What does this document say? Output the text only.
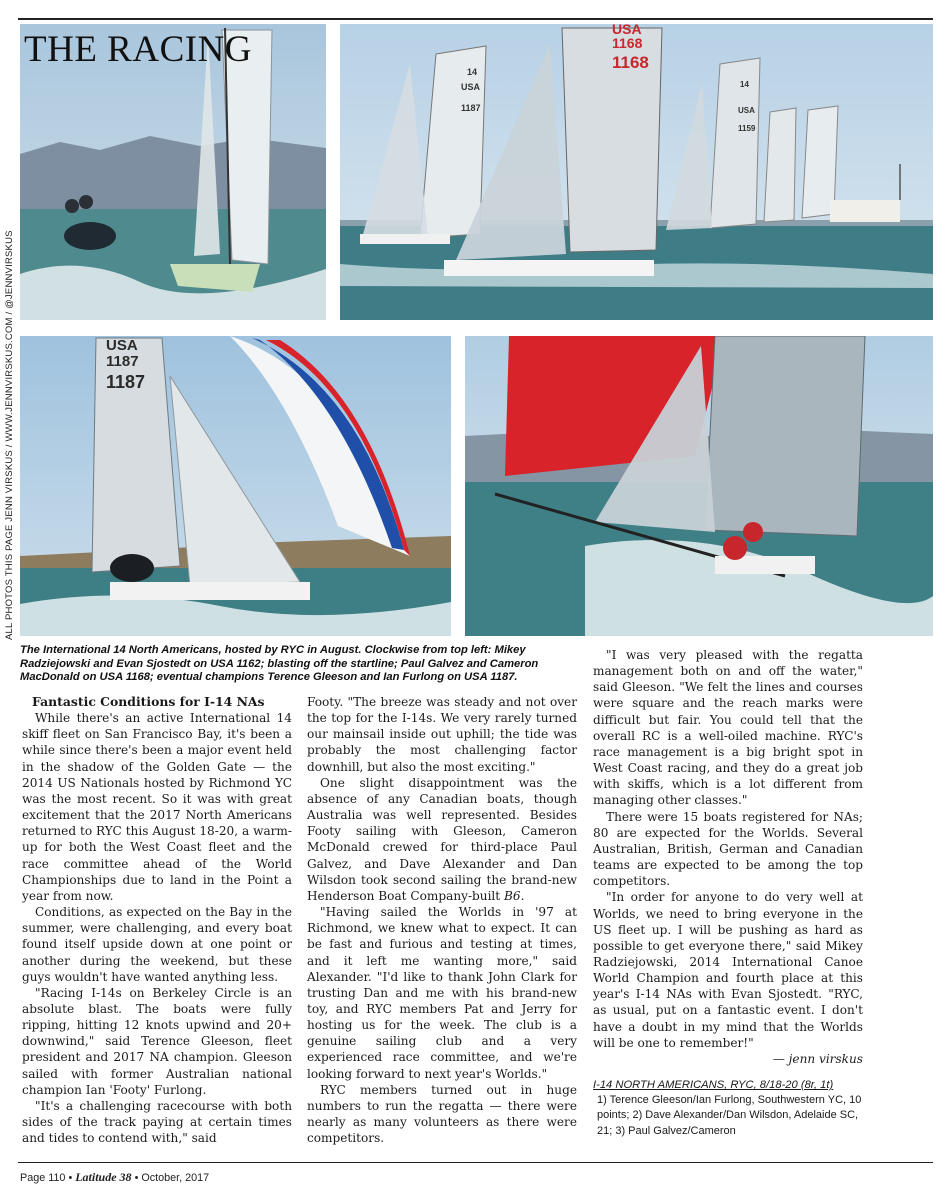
THE RACING	USA
1168
1168
14
USA
1187
14
USA
1159
USA
1187
1187
ALL PHOTOS THIS PAGE JENN VIRSKUS / WWW.JENNVIRSKUS.COM / @JENNVIRSKUS
The International 14 North Americans, hosted by RYC in August. Clockwise from top left: Mikey Radziejowski and Evan Sjostedt on USA 1162; blasting off the startline; Paul Galvez and Cameron MacDonald on USA 1168; eventual champions Terence Gleeson and Ian Furlong on USA 1187.

Fantastic Conditions for I-14 NAs

While there's an active International 14 skiff fleet on San Francisco Bay, it's been a while since there's been a major event held in the shadow of the Golden Gate — the 2014 US Nationals hosted by Richmond YC was the most recent. So it was with great excitement that the 2017 North Americans returned to RYC this August 18-20, a warm-up for both the West Coast fleet and the race committee ahead of the World Championships due to land in the Point a year from now.

Conditions, as expected on the Bay in the summer, were challenging, and every boat found itself upside down at one point or another during the weekend, but these guys wouldn't have wanted anything less.

"Racing I-14s on Berkeley Circle is an absolute blast. The boats were fully ripping, hitting 12 knots upwind and 20+ downwind," said Terence Gleeson, fleet president and 2017 NA champion. Gleeson sailed with former Australian national champion Ian 'Footy' Furlong.

"It's a challenging racecourse with both sides of the track paying at certain times and tides to contend with," said

Footy. "The breeze was steady and not over the top for the I-14s. We very rarely turned our mainsail inside out uphill; the tide was probably the most challenging factor downhill, but also the most exciting."

One slight disappointment was the absence of any Canadian boats, though Australia was well represented. Besides Footy sailing with Gleeson, Cameron McDonald crewed for third-place Paul Galvez, and Dave Alexander and Dan Wilsdon took second sailing the brand-new Henderson Boat Company-built B6.

"Having sailed the Worlds in '97 at Richmond, we knew what to expect. It can be fast and furious and testing at times, and it left me wanting more," said Alexander. "I'd like to thank John Clark for trusting Dan and me with his brand-new toy, and RYC members Pat and Jerry for hosting us for the week. The club is a genuine sailing club and a very experienced race committee, and we're looking forward to next year's Worlds."

RYC members turned out in huge numbers to run the regatta — there were nearly as many volunteers as there were competitors.

"I was very pleased with the regatta management both on and off the water," said Gleeson. "We felt the lines and courses were square and the reach marks were difficult but fair. You could tell that the overall RC is a well-oiled machine. RYC's race management is a big bright spot in West Coast racing, and they do a great job with skiffs, which is a lot different from managing other classes."

There were 15 boats registered for NAs; 80 are expected for the Worlds. Several Australian, British, German and Canadian teams are expected to be among the top competitors.

"In order for anyone to do very well at Worlds, we need to bring everyone in the US fleet up. I will be pushing as hard as possible to get everyone there," said Mikey Radziejowski, 2014 International Canoe World Champion and fourth place at this year's I-14 NAs with Evan Sjostedt. "RYC, as usual, put on a fantastic event. I don't have a doubt in my mind that the Worlds will be one to remember!"

— jenn virskus

I-14 NORTH AMERICANS, RYC, 8/18-20 (8r, 1t)

1) Terence Gleeson/Ian Furlong, Southwestern YC, 10 points; 2) Dave Alexander/Dan Wilsdon, Adelaide SC, 21; 3) Paul Galvez/Cameron

Page 110 • Latitude 38 • October, 2017
